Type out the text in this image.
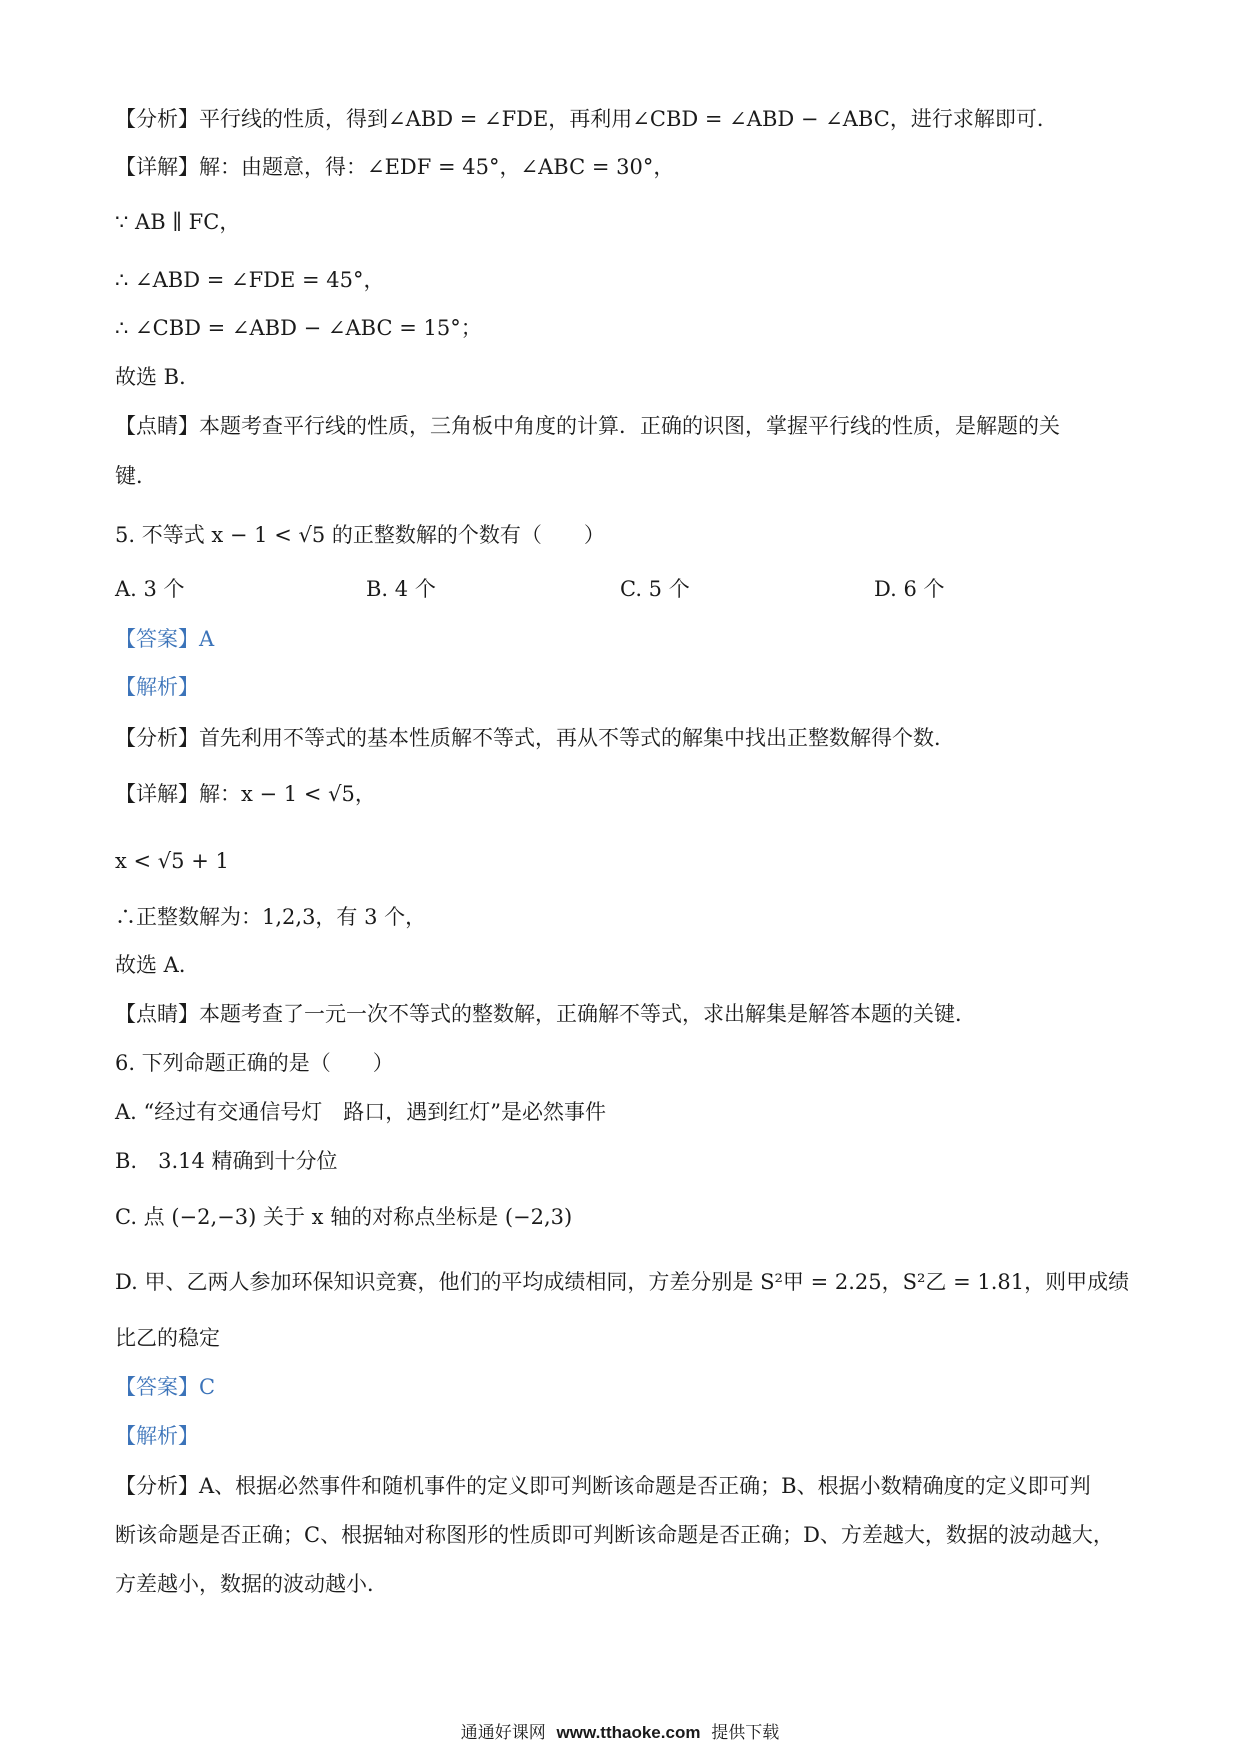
【分析】平行线的性质，得到∠ABD = ∠FDE，再利用∠CBD = ∠ABD − ∠ABC，进行求解即可．
【详解】解：由题意，得：∠EDF = 45°，∠ABC = 30°，
∵ AB ∥ FC，
∴ ∠ABD = ∠FDE = 45°，
∴ ∠CBD = ∠ABD − ∠ABC = 15°；
故选 B．
【点睛】本题考查平行线的性质，三角板中角度的计算．正确的识图，掌握平行线的性质，是解题的关
键．
5. 不等式 x − 1 < √5 的正整数解的个数有（　　）
A. 3 个	B. 4 个	C. 5 个	D. 6 个
【答案】A
【解析】
【分析】首先利用不等式的基本性质解不等式，再从不等式的解集中找出正整数解得个数．
【详解】解：x − 1 < √5，
x < √5 + 1
∴正整数解为：1,2,3，有 3 个，
故选 A．
【点睛】本题考查了一元一次不等式的整数解，正确解不等式，求出解集是解答本题的关键．
6. 下列命题正确的是（　　）
A. “经过有交通信号灯　路口，遇到红灯”是必然事件
B.　3.14 精确到十分位
C. 点 (−2,−3) 关于 x 轴的对称点坐标是 (−2,3)
D. 甲、乙两人参加环保知识竞赛，他们的平均成绩相同，方差分别是 S²甲 = 2.25，S²乙 = 1.81，则甲成绩
比乙的稳定
【答案】C
【解析】
【分析】A、根据必然事件和随机事件的定义即可判断该命题是否正确；B、根据小数精确度的定义即可判
断该命题是否正确；C、根据轴对称图形的性质即可判断该命题是否正确；D、方差越大，数据的波动越大，
方差越小，数据的波动越小．
通通好课网 www.tthaoke.com 提供下载
